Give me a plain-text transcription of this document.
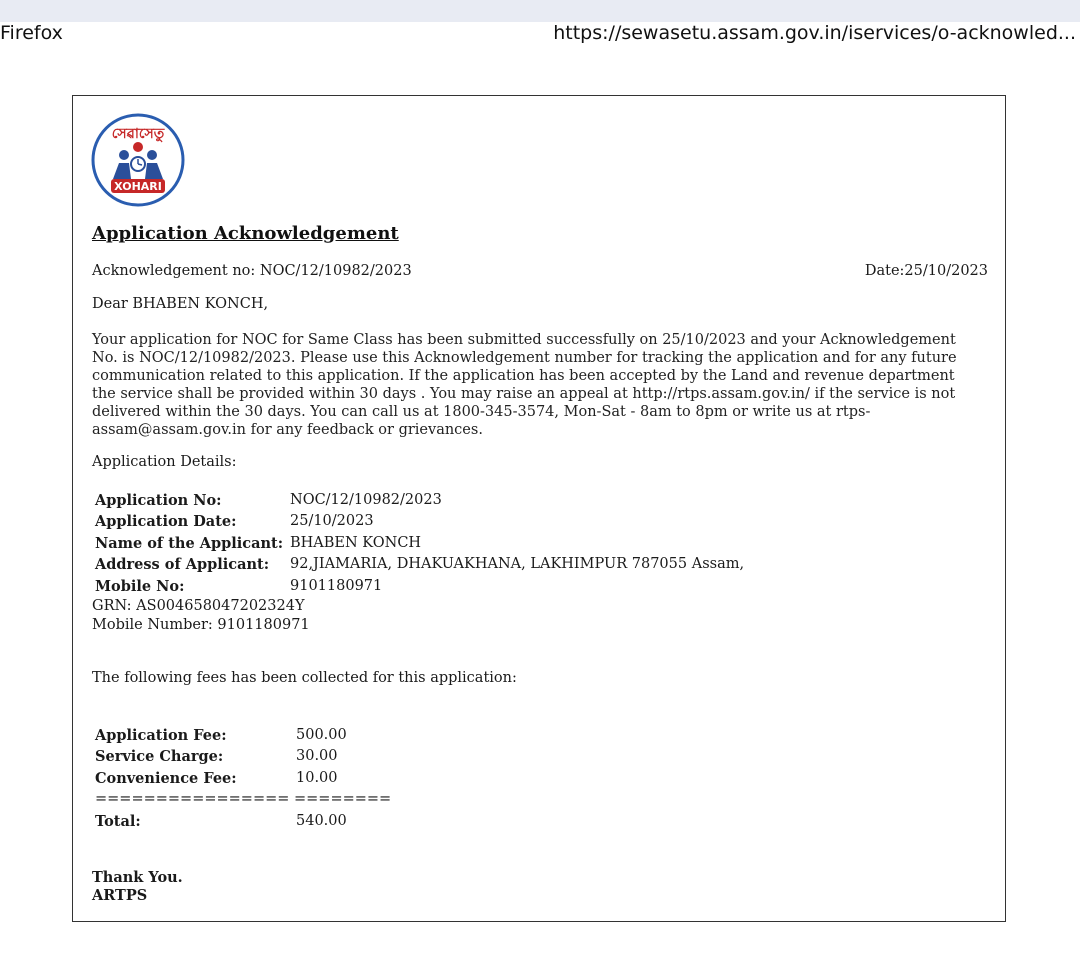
Firefox	https://sewasetu.assam.gov.in/iservices/o-acknowled...
সেৱাসেতু
XOHARI
Application Acknowledgement
Acknowledgement no: NOC/12/10982/2023	Date:25/10/2023
Dear BHABEN KONCH,
Your application for NOC for Same Class has been submitted successfully on 25/10/2023 and your Acknowledgement
No. is NOC/12/10982/2023. Please use this Acknowledgement number for tracking the application and for any future
communication related to this application. If the application has been accepted by the Land and revenue department
the service shall be provided within 30 days . You may raise an appeal at http://rtps.assam.gov.in/ if the service is not
delivered within the 30 days. You can call us at 1800-345-3574, Mon-Sat - 8am to 8pm or write us at rtps-
assam@assam.gov.in for any feedback or grievances.
Application Details:
Application No:	NOC/12/10982/2023
Application Date:	25/10/2023
Name of the Applicant: BHABEN KONCH
Address of Applicant: 92,JIAMARIA, DHAKUAKHANA, LAKHIMPUR 787055 Assam,
Mobile No:	9101180971
GRN: AS004658047202324Y
Mobile Number: 9101180971
The following fees has been collected for this application:
Application Fee:	500.00
Service Charge:	30.00
Convenience Fee:	10.00
================ ========
Total:	540.00
Thank You.
ARTPS
